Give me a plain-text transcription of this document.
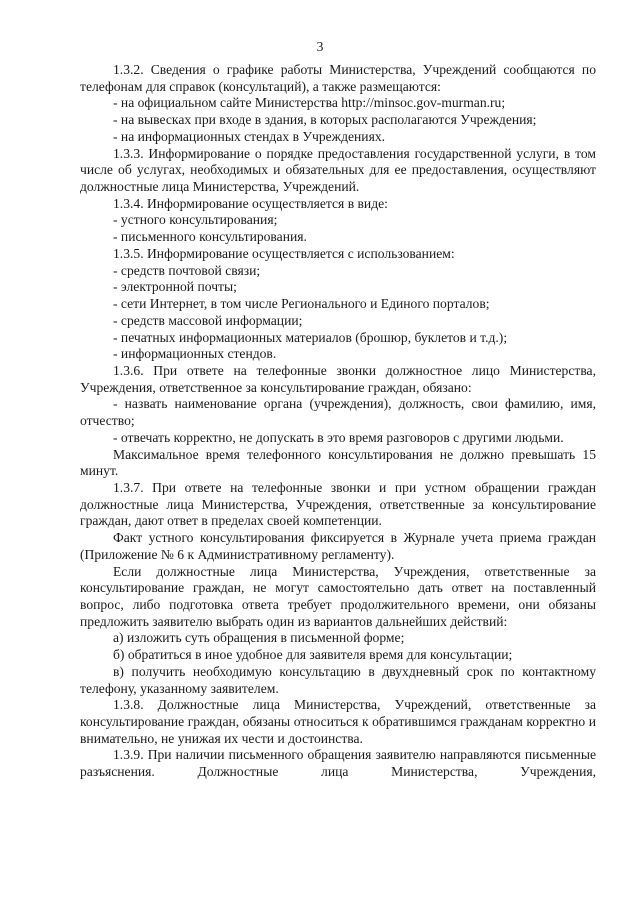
3

1.3.2. Сведения о графике работы Министерства, Учреждений сообщаются по телефонам для справок (консультаций), а также размещаются:

- на официальном сайте Министерства http://minsoc.gov-murman.ru;

- на вывесках при входе в здания, в которых располагаются Учреждения;

- на информационных стендах в Учреждениях.

1.3.3. Информирование о порядке предоставления государственной услуги, в том числе об услугах, необходимых и обязательных для ее предоставления, осуществляют должностные лица Министерства, Учреждений.

1.3.4. Информирование осуществляется в виде:

- устного консультирования;

- письменного консультирования.

1.3.5. Информирование осуществляется с использованием:

- средств почтовой связи;

- электронной почты;

- сети Интернет, в том числе Регионального и Единого порталов;

- средств массовой информации;

- печатных информационных материалов (брошюр, буклетов и т.д.);

- информационных стендов.

1.3.6. При ответе на телефонные звонки должностное лицо Министерства, Учреждения, ответственное за консультирование граждан, обязано:

- назвать наименование органа (учреждения), должность, свои фамилию, имя, отчество;

- отвечать корректно, не допускать в это время разговоров с другими людьми.

Максимальное время телефонного консультирования не должно превышать 15 минут.

1.3.7. При ответе на телефонные звонки и при устном обращении граждан должностные лица Министерства, Учреждения, ответственные за консультирование граждан, дают ответ в пределах своей компетенции.

Факт устного консультирования фиксируется в Журнале учета приема граждан (Приложение № 6 к Административному регламенту).

Если должностные лица Министерства, Учреждения, ответственные за консультирование граждан, не могут самостоятельно дать ответ на поставленный вопрос, либо подготовка ответа требует продолжительного времени, они обязаны предложить заявителю выбрать один из вариантов дальнейших действий:

а) изложить суть обращения в письменной форме;

б) обратиться в иное удобное для заявителя время для консультации;

в) получить необходимую консультацию в двухдневный срок по контактному телефону, указанному заявителем.

1.3.8. Должностные лица Министерства, Учреждений, ответственные за консультирование граждан, обязаны относиться к обратившимся гражданам корректно и внимательно, не унижая их чести и достоинства.

1.3.9. При наличии письменного обращения заявителю направляются письменные разъяснения. Должностные лица Министерства, Учреждения,
